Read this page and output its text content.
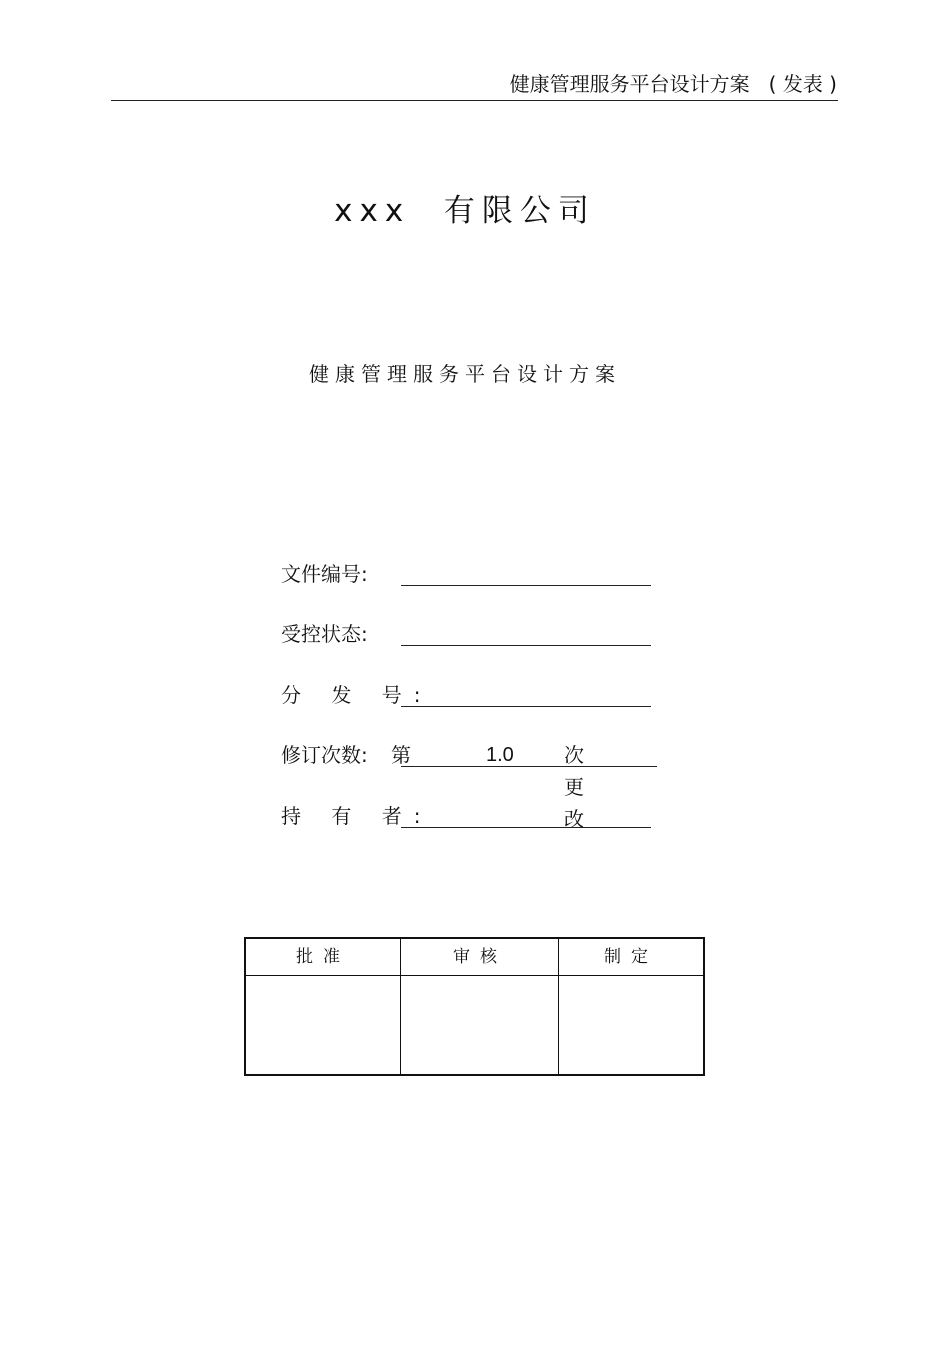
健康管理服务平台设计方案   ( 发表 )
xxx  有限公司
健康管理服务平台设计方案
文件编号:
受控状态:
分 发 号:
修订次数: 第	1.0	次更改
持 有 者:
批准	审核	制定
